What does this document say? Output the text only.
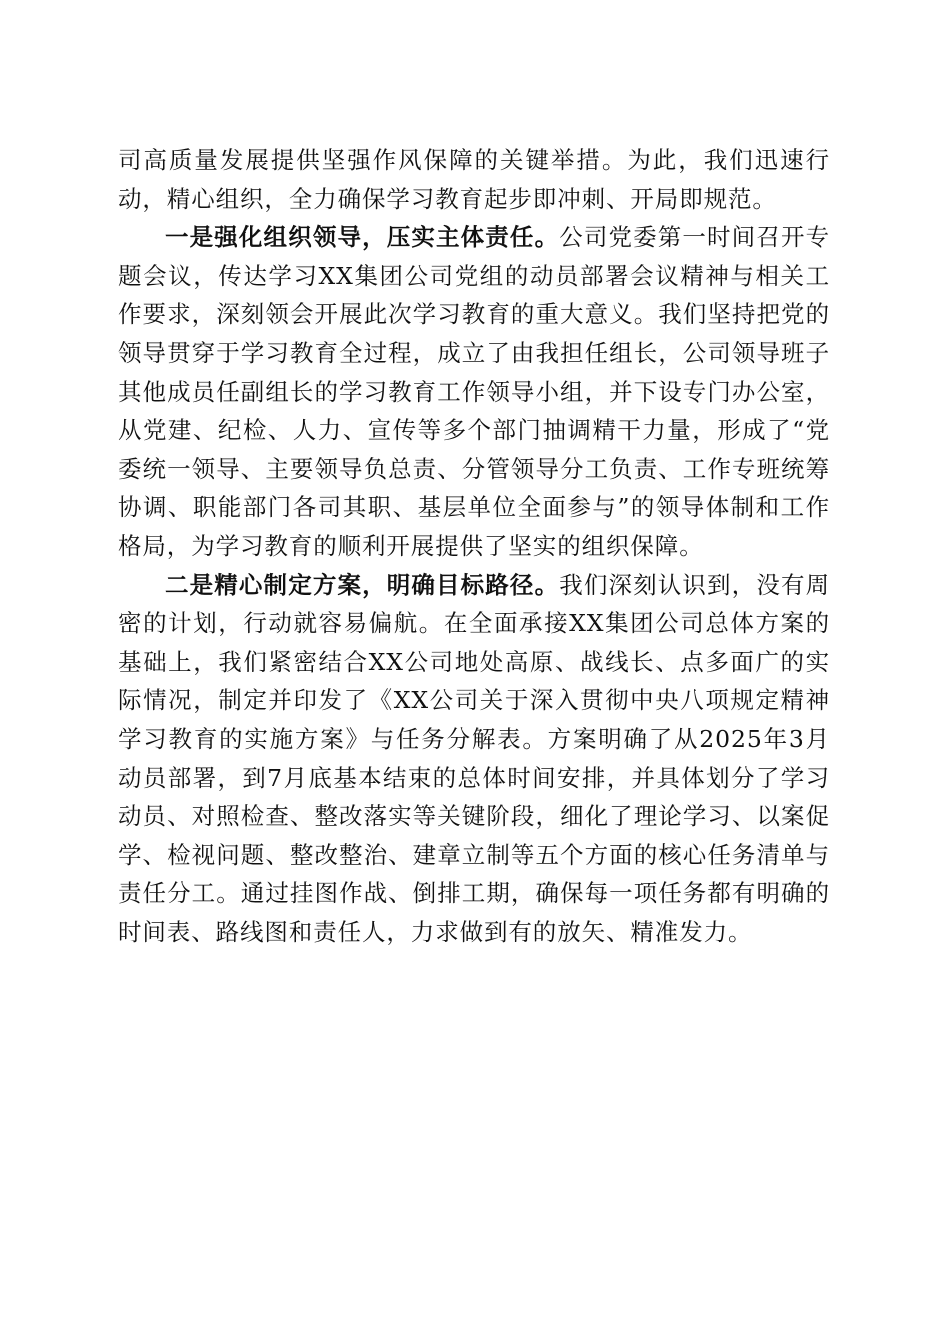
司高质量发展提供坚强作风保障的关键举措。为此，我们迅速行动，精心组织，全力确保学习教育起步即冲刺、开局即规范。

一是强化组织领导，压实主体责任。公司党委第一时间召开专题会议，传达学习XX集团公司党组的动员部署会议精神与相关工作要求，深刻领会开展此次学习教育的重大意义。我们坚持把党的领导贯穿于学习教育全过程，成立了由我担任组长，公司领导班子其他成员任副组长的学习教育工作领导小组，并下设专门办公室，从党建、纪检、人力、宣传等多个部门抽调精干力量，形成了“党委统一领导、主要领导负总责、分管领导分工负责、工作专班统筹协调、职能部门各司其职、基层单位全面参与”的领导体制和工作格局，为学习教育的顺利开展提供了坚实的组织保障。

二是精心制定方案，明确目标路径。我们深刻认识到，没有周密的计划，行动就容易偏航。在全面承接XX集团公司总体方案的基础上，我们紧密结合XX公司地处高原、战线长、点多面广的实际情况，制定并印发了《XX公司关于深入贯彻中央八项规定精神学习教育的实施方案》与任务分解表。方案明确了从2025年3月动员部署，到7月底基本结束的总体时间安排，并具体划分了学习动员、对照检查、整改落实等关键阶段，细化了理论学习、以案促学、检视问题、整改整治、建章立制等五个方面的核心任务清单与责任分工。通过挂图作战、倒排工期，确保每一项任务都有明确的时间表、路线图和责任人，力求做到有的放矢、精准发力。
